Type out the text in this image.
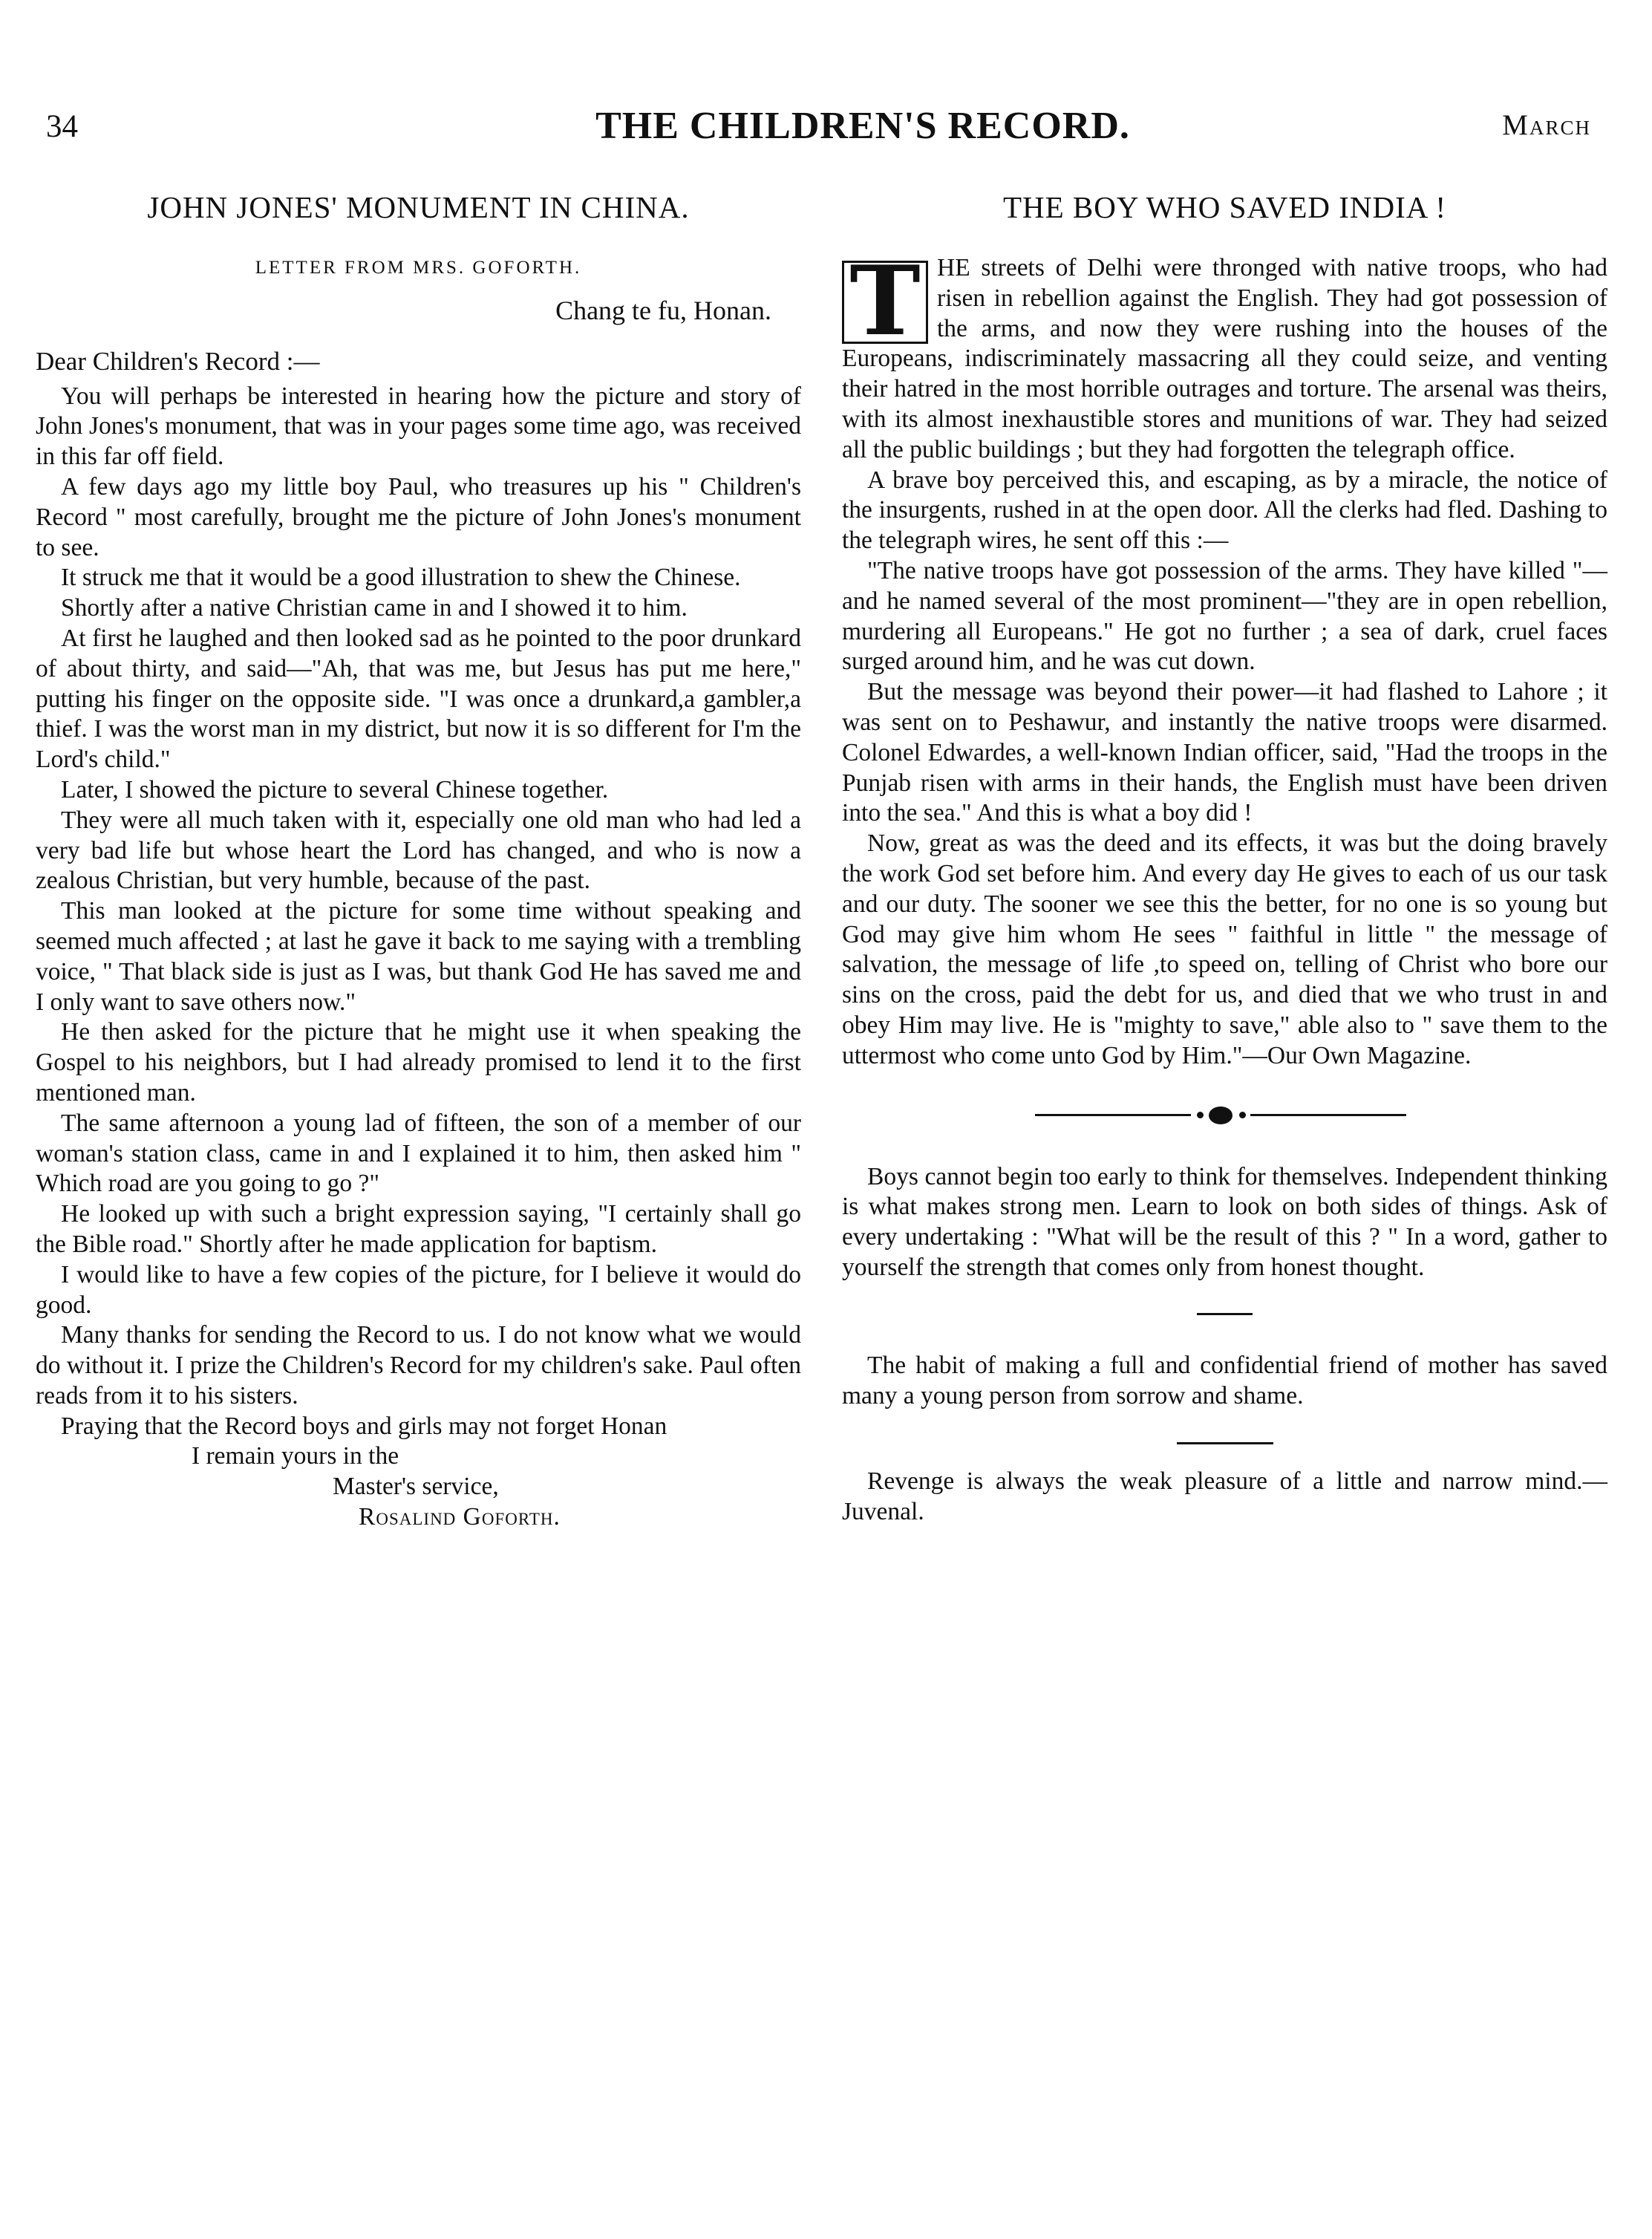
34	THE CHILDREN'S RECORD.	March
JOHN JONES' MONUMENT IN CHINA.
LETTER FROM MRS. GOFORTH.
Chang te fu, Honan.
Dear Children's Record :—

You will perhaps be interested in hearing how the picture and story of John Jones's monument, that was in your pages some time ago, was received in this far off field.

A few days ago my little boy Paul, who treasures up his " Children's Record " most carefully, brought me the picture of John Jones's monument to see.

It struck me that it would be a good illustration to shew the Chinese.

Shortly after a native Christian came in and I showed it to him.

At first he laughed and then looked sad as he pointed to the poor drunkard of about thirty, and said—"Ah, that was me, but Jesus has put me here," putting his finger on the opposite side. "I was once a drunkard,a gambler,a thief. I was the worst man in my district, but now it is so different for I'm the Lord's child."

Later, I showed the picture to several Chinese together.

They were all much taken with it, especially one old man who had led a very bad life but whose heart the Lord has changed, and who is now a zealous Christian, but very humble, because of the past.

This man looked at the picture for some time without speaking and seemed much affected ; at last he gave it back to me saying with a trembling voice, " That black side is just as I was, but thank God He has saved me and I only want to save others now."

He then asked for the picture that he might use it when speaking the Gospel to his neighbors, but I had already promised to lend it to the first mentioned man.

The same afternoon a young lad of fifteen, the son of a member of our woman's station class, came in and I explained it to him, then asked him " Which road are you going to go ?"

He looked up with such a bright expression saying, "I certainly shall go the Bible road." Shortly after he made application for baptism.

I would like to have a few copies of the picture, for I believe it would do good.

Many thanks for sending the Record to us. I do not know what we would do without it. I prize the Children's Record for my children's sake. Paul often reads from it to his sisters.

Praying that the Record boys and girls may not forget Honan

I remain yours in the
Master's service,
Rosalind Goforth.
THE BOY WHO SAVED INDIA !

T HE streets of Delhi were thronged with native troops, who had risen in rebellion against the English. They had got possession of the arms, and now they were rushing into the houses of the Europeans, indiscriminately massacring all they could seize, and venting their hatred in the most horrible outrages and torture. The arsenal was theirs, with its almost inexhaustible stores and munitions of war. They had seized all the public buildings ; but they had forgotten the telegraph office.

A brave boy perceived this, and escaping, as by a miracle, the notice of the insurgents, rushed in at the open door. All the clerks had fled. Dashing to the telegraph wires, he sent off this :—

"The native troops have got possession of the arms. They have killed "—and he named several of the most prominent—"they are in open rebellion, murdering all Europeans." He got no further ; a sea of dark, cruel faces surged around him, and he was cut down.

But the message was beyond their power—it had flashed to Lahore ; it was sent on to Peshawur, and instantly the native troops were disarmed. Colonel Edwardes, a well-known Indian officer, said, "Had the troops in the Punjab risen with arms in their hands, the English must have been driven into the sea." And this is what a boy did !

Now, great as was the deed and its effects, it was but the doing bravely the work God set before him. And every day He gives to each of us our task and our duty. The sooner we see this the better, for no one is so young but God may give him whom He sees " faithful in little " the message of salvation, the message of life ,to speed on, telling of Christ who bore our sins on the cross, paid the debt for us, and died that we who trust in and obey Him may live. He is "mighty to save," able also to " save them to the uttermost who come unto God by Him."—Our Own Magazine.

Boys cannot begin too early to think for themselves. Independent thinking is what makes strong men. Learn to look on both sides of things. Ask of every undertaking : "What will be the result of this ? " In a word, gather to yourself the strength that comes only from honest thought.

The habit of making a full and confidential friend of mother has saved many a young person from sorrow and shame.

Revenge is always the weak pleasure of a little and narrow mind.—Juvenal.
